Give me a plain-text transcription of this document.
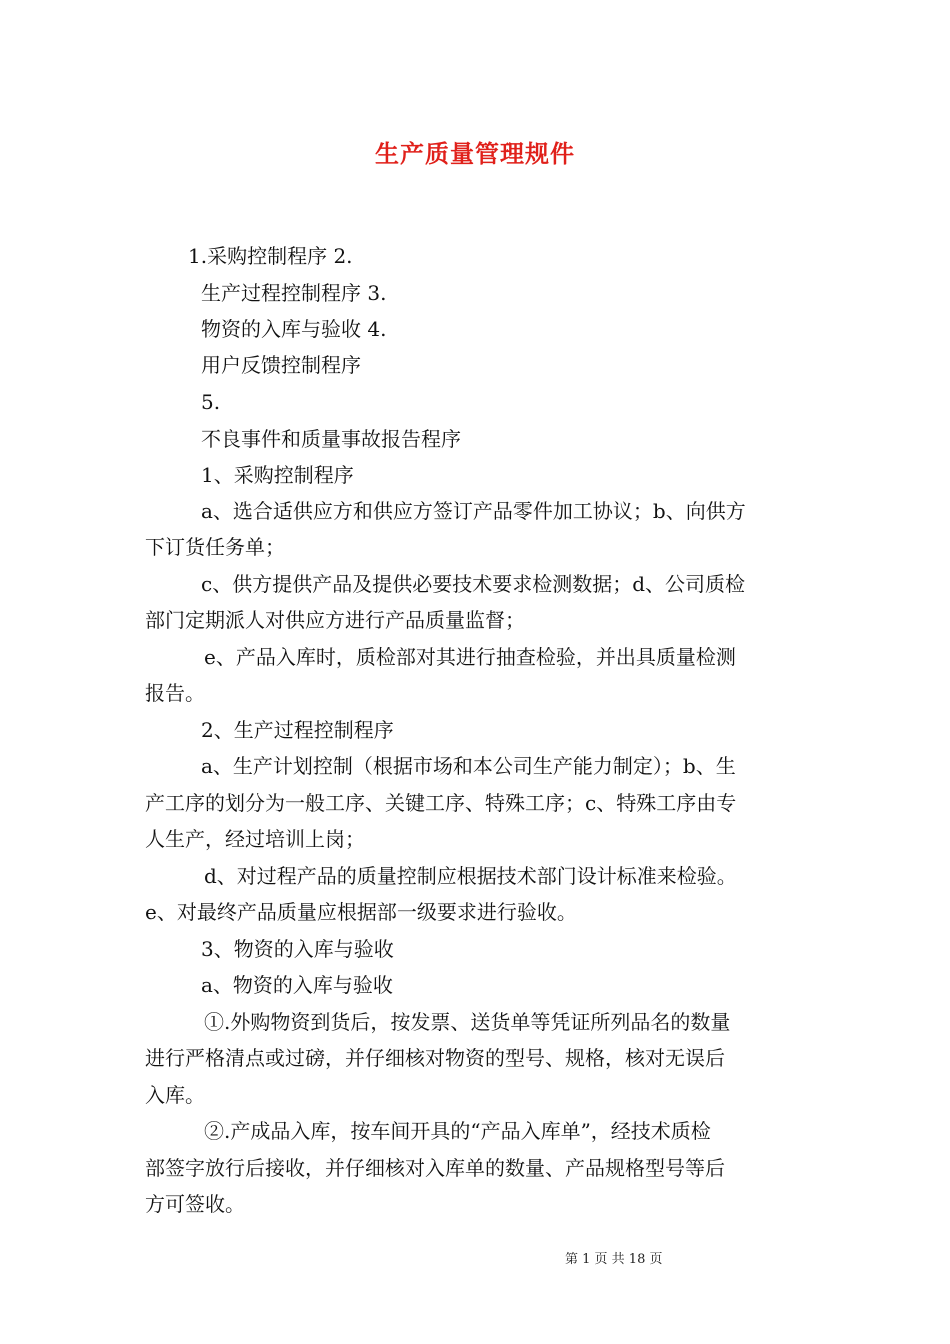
生产质量管理规件

1.采购控制程序 2.

生产过程控制程序 3.

物资的入库与验收 4.

用户反馈控制程序

5.

不良事件和质量事故报告程序

1、采购控制程序

a、选合适供应方和供应方签订产品零件加工协议；b、向供方

下订货任务单；

c、供方提供产品及提供必要技术要求检测数据；d、公司质检

部门定期派人对供应方进行产品质量监督；

e、产品入库时，质检部对其进行抽查检验，并出具质量检测

报告。

2、生产过程控制程序

a、生产计划控制（根据市场和本公司生产能力制定）；b、生

产工序的划分为一般工序、关键工序、特殊工序；c、特殊工序由专

人生产，经过培训上岗；

d、对过程产品的质量控制应根据技术部门设计标准来检验。

e、对最终产品质量应根据部一级要求进行验收。

3、物资的入库与验收

a、物资的入库与验收

①.外购物资到货后，按发票、送货单等凭证所列品名的数量

进行严格清点或过磅，并仔细核对物资的型号、规格，核对无误后

入库。

②.产成品入库，按车间开具的“产品入库单”，经技术质检

部签字放行后接收，并仔细核对入库单的数量、产品规格型号等后

方可签收。

第 1 页 共 18 页
